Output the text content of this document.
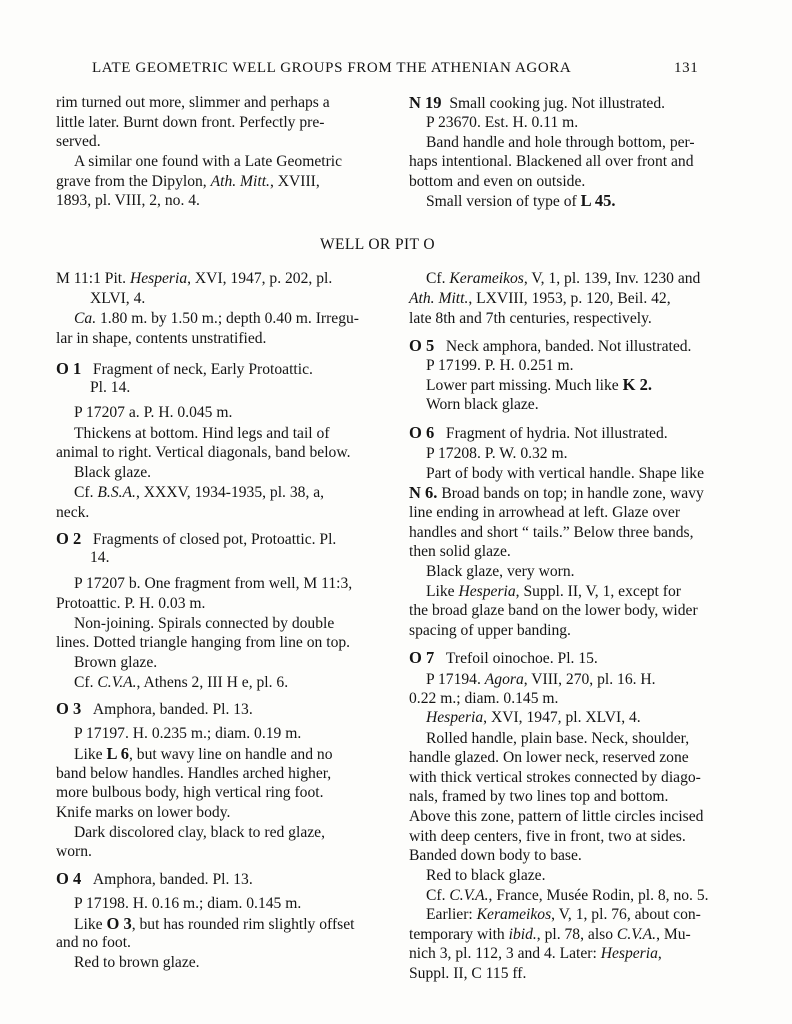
LATE GEOMETRIC WELL GROUPS FROM THE ATHENIAN AGORA	131
rim turned out more, slimmer and perhaps a
little later. Burnt down front. Perfectly pre-
served.
A similar one found with a Late Geometric
grave from the Dipylon, Ath. Mitt., XVIII,
1893, pl. VIII, 2, no. 4.
N 19 Small cooking jug. Not illustrated.
P 23670. Est. H. 0.11 m.
Band handle and hole through bottom, per-
haps intentional. Blackened all over front and
bottom and even on outside.
Small version of type of L 45.
WELL OR PIT O
M 11:1 Pit. Hesperia, XVI, 1947, p. 202, pl.
XLVI, 4.
Ca. 1.80 m. by 1.50 m.; depth 0.40 m. Irregu-
lar in shape, contents unstratified.
O 1 Fragment of neck, Early Protoattic.
Pl. 14.
P 17207 a. P. H. 0.045 m.
Thickens at bottom. Hind legs and tail of
animal to right. Vertical diagonals, band below.
Black glaze.
Cf. B.S.A., XXXV, 1934-1935, pl. 38, a,
neck.
O 2 Fragments of closed pot, Protoattic. Pl.
14.
P 17207 b. One fragment from well, M 11:3,
Protoattic. P. H. 0.03 m.
Non-joining. Spirals connected by double
lines. Dotted triangle hanging from line on top.
Brown glaze.
Cf. C.V.A., Athens 2, III H e, pl. 6.
O 3 Amphora, banded. Pl. 13.
P 17197. H. 0.235 m.; diam. 0.19 m.
Like L 6, but wavy line on handle and no
band below handles. Handles arched higher,
more bulbous body, high vertical ring foot.
Knife marks on lower body.
Dark discolored clay, black to red glaze,
worn.
O 4 Amphora, banded. Pl. 13.
P 17198. H. 0.16 m.; diam. 0.145 m.
Like O 3, but has rounded rim slightly offset
and no foot.
Red to brown glaze.
Cf. Kerameikos, V, 1, pl. 139, Inv. 1230 and
Ath. Mitt., LXVIII, 1953, p. 120, Beil. 42,
late 8th and 7th centuries, respectively.
O 5 Neck amphora, banded. Not illustrated.
P 17199. P. H. 0.251 m.
Lower part missing. Much like K 2.
Worn black glaze.
O 6 Fragment of hydria. Not illustrated.
P 17208. P. W. 0.32 m.
Part of body with vertical handle. Shape like
N 6. Broad bands on top; in handle zone, wavy
line ending in arrowhead at left. Glaze over
handles and short “ tails.” Below three bands,
then solid glaze.
Black glaze, very worn.
Like Hesperia, Suppl. II, V, 1, except for
the broad glaze band on the lower body, wider
spacing of upper banding.
O 7 Trefoil oinochoe. Pl. 15.
P 17194. Agora, VIII, 270, pl. 16. H.
0.22 m.; diam. 0.145 m.
Hesperia, XVI, 1947, pl. XLVI, 4.
Rolled handle, plain base. Neck, shoulder,
handle glazed. On lower neck, reserved zone
with thick vertical strokes connected by diago-
nals, framed by two lines top and bottom.
Above this zone, pattern of little circles incised
with deep centers, five in front, two at sides.
Banded down body to base.
Red to black glaze.
Cf. C.V.A., France, Musée Rodin, pl. 8, no. 5.
Earlier: Kerameikos, V, 1, pl. 76, about con-
temporary with ibid., pl. 78, also C.V.A., Mu-
nich 3, pl. 112, 3 and 4. Later: Hesperia,
Suppl. II, C 115 ff.
